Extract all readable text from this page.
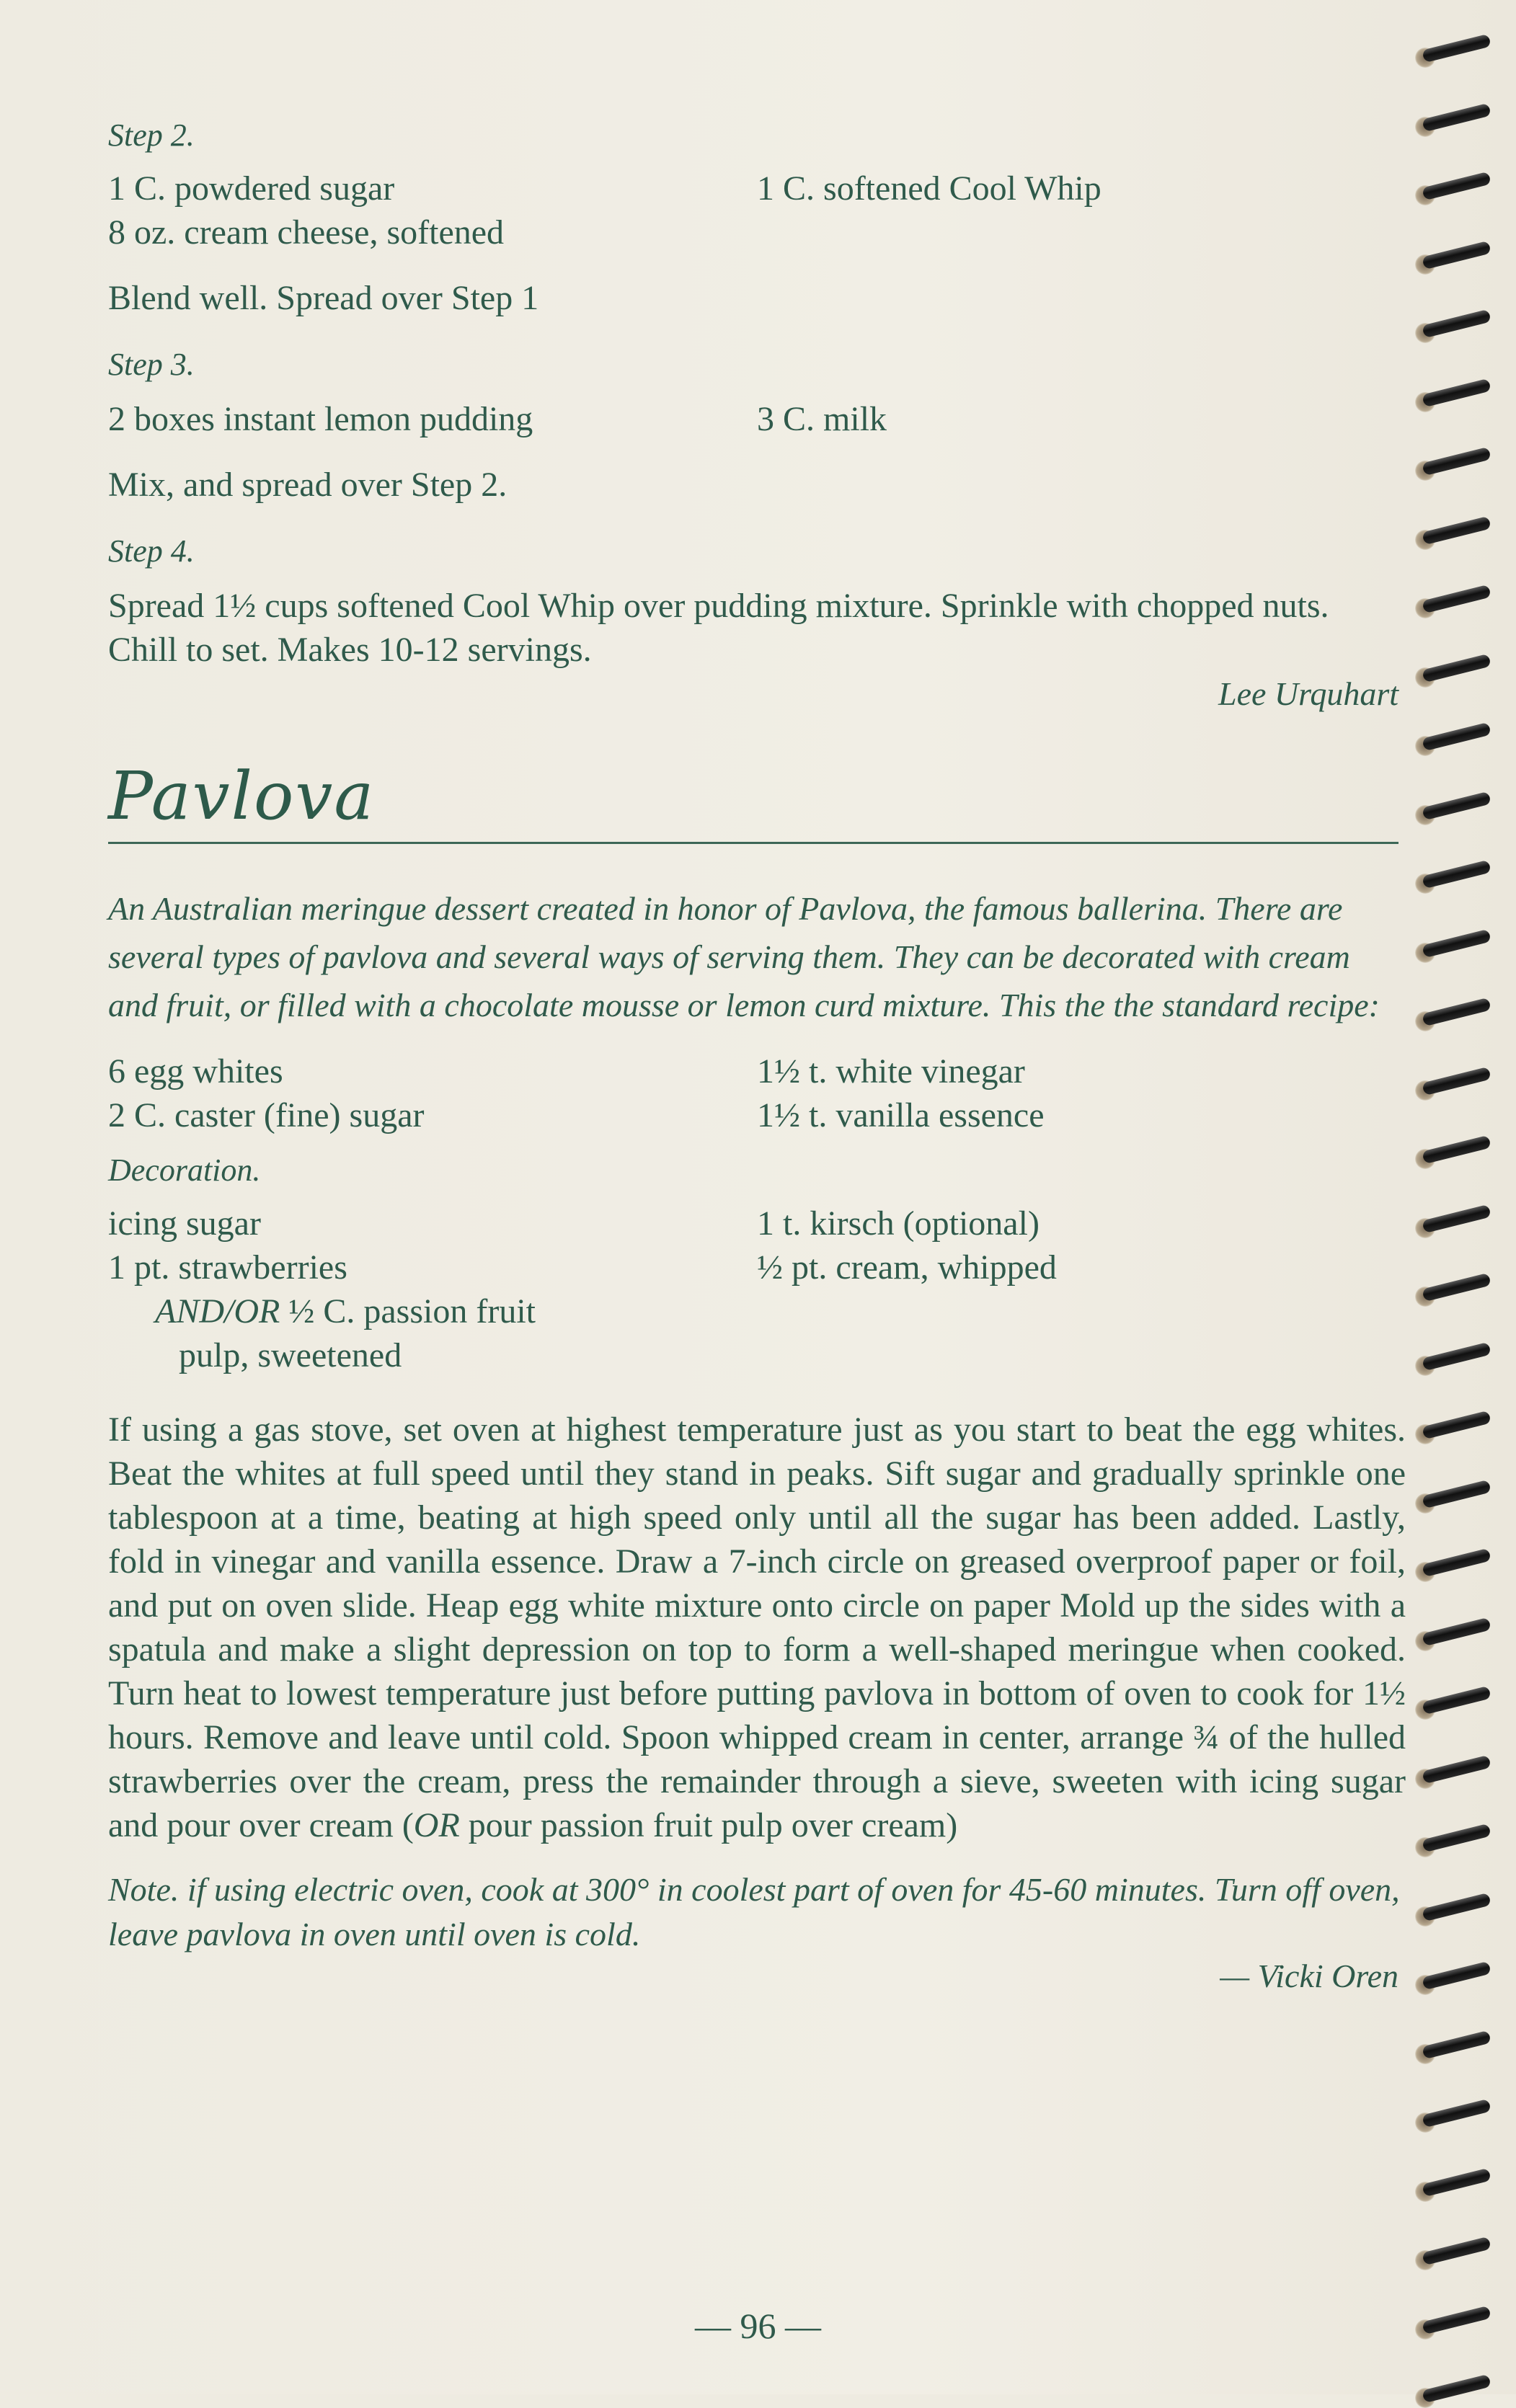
Step 2.

1 C. powdered sugar

8 oz. cream cheese, softened

1 C. softened Cool Whip

Blend well. Spread over Step 1

Step 3.

2 boxes instant lemon pudding	3 C. milk

Mix, and spread over Step 2.

Step 4.

Spread 1½ cups softened Cool Whip over pudding mixture. Sprinkle with chopped nuts. Chill to set. Makes 10-12 servings.

Lee Urquhart

Pavlova

An Australian meringue dessert created in honor of Pavlova, the famous ballerina. There are several types of pavlova and several ways of serving them. They can be decorated with cream and fruit, or filled with a chocolate mousse or lemon curd mixture. This the the standard recipe:

6 egg whites

2 C. caster (fine) sugar

1½ t. white vinegar

1½ t. vanilla essence

Decoration.

icing sugar

1 pt. strawberries

AND/OR ½ C. passion fruit

pulp, sweetened

1 t. kirsch (optional)

½ pt. cream, whipped

If using a gas stove, set oven at highest temperature just as you start to beat the egg whites. Beat the whites at full speed until they stand in peaks. Sift sugar and gradually sprinkle one tablespoon at a time, beating at high speed only until all the sugar has been added. Lastly, fold in vinegar and vanilla essence. Draw a 7-inch circle on greased overproof paper or foil, and put on oven slide. Heap egg white mixture onto circle on paper Mold up the sides with a spatula and make a slight depression on top to form a well-shaped meringue when cooked. Turn heat to lowest temperature just before putting pavlova in bottom of oven to cook for 1½ hours. Remove and leave until cold. Spoon whipped cream in center, arrange ¾ of the hulled strawberries over the cream, press the remainder through a sieve, sweeten with icing sugar and pour over cream (OR pour passion fruit pulp over cream)

Note. if using electric oven, cook at 300° in coolest part of oven for 45-60 minutes. Turn off oven, leave pavlova in oven until oven is cold.

— Vicki Oren

— 96 —
